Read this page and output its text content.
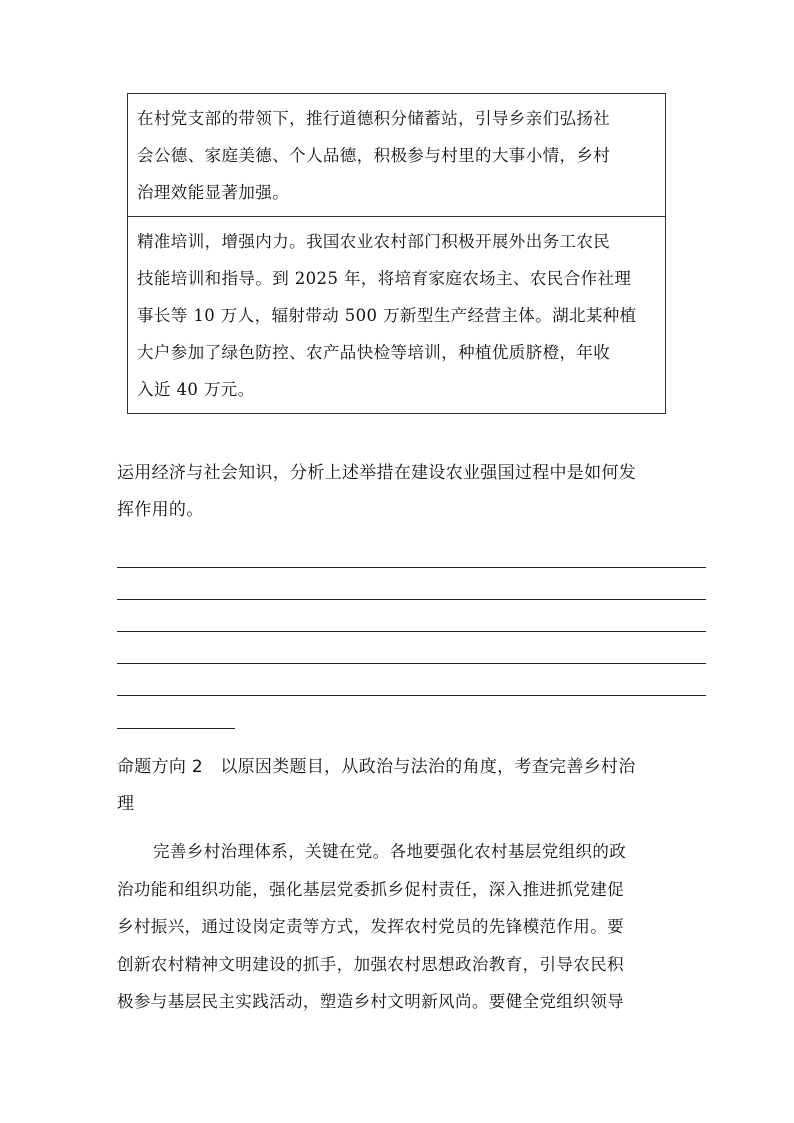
在村党支部的带领下，推行道德积分储蓄站，引导乡亲们弘扬社
会公德、家庭美德、个人品德，积极参与村里的大事小情，乡村
治理效能显著加强。
精准培训，增强内力。我国农业农村部门积极开展外出务工农民
技能培训和指导。到 2025 年，将培育家庭农场主、农民合作社理
事长等 10 万人，辐射带动 500 万新型生产经营主体。湖北某种植
大户参加了绿色防控、农产品快检等培训，种植优质脐橙，年收
入近 40 万元。
运用经济与社会知识，分析上述举措在建设农业强国过程中是如何发
挥作用的。
命题方向 2　以原因类题目，从政治与法治的角度，考查完善乡村治
理
完善乡村治理体系，关键在党。各地要强化农村基层党组织的政
治功能和组织功能，强化基层党委抓乡促村责任，深入推进抓党建促
乡村振兴，通过设岗定责等方式，发挥农村党员的先锋模范作用。要
创新农村精神文明建设的抓手，加强农村思想政治教育，引导农民积
极参与基层民主实践活动，塑造乡村文明新风尚。要健全党组织领导
